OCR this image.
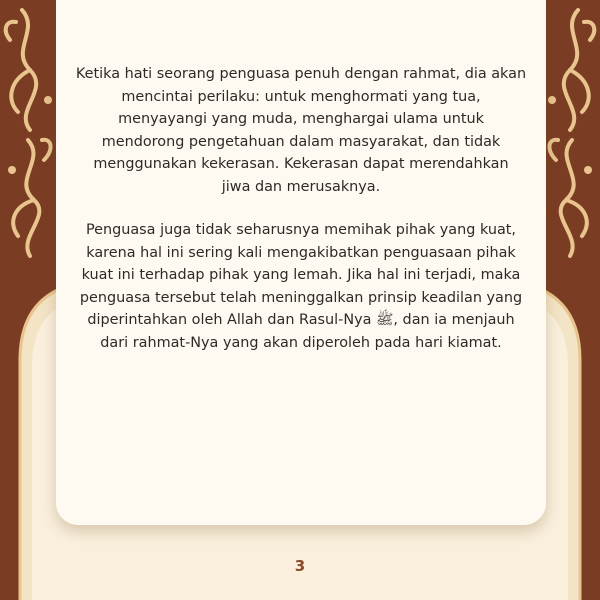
Ketika hati seorang penguasa penuh dengan rahmat, dia akan
mencintai perilaku: untuk menghormati yang tua,
menyayangi yang muda, menghargai ulama untuk
mendorong pengetahuan dalam masyarakat, dan tidak
menggunakan kekerasan. Kekerasan dapat merendahkan
jiwa dan merusaknya.

Penguasa juga tidak seharusnya memihak pihak yang kuat,
karena hal ini sering kali mengakibatkan penguasaan pihak
kuat ini terhadap pihak yang lemah. Jika hal ini terjadi, maka
penguasa tersebut telah meninggalkan prinsip keadilan yang
diperintahkan oleh Allah dan Rasul-Nya ﷺ, dan ia menjauh
dari rahmat-Nya yang akan diperoleh pada hari kiamat.

3
